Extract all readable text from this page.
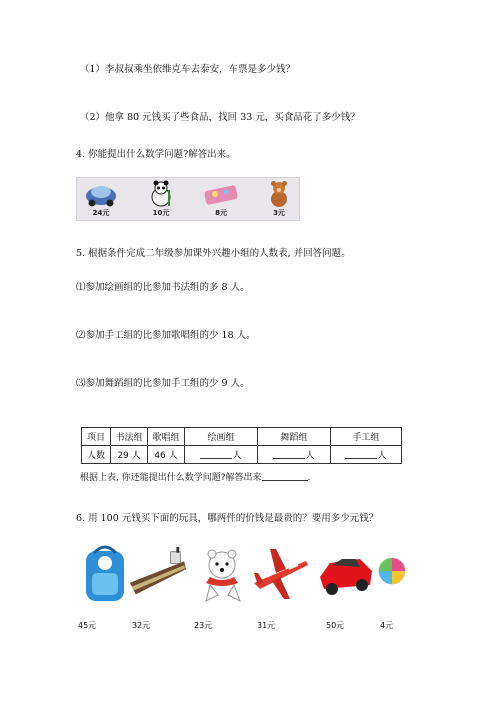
（1）李叔叔乘坐依维克车去泰安，车票是多少钱？
（2）他拿 80 元钱买了些食品，找回 33 元，买食品花了多少钱？
4. 你能提出什么数学问题?解答出来。
24元	10元	8元	3元
5. 根据条件完成二年级参加课外兴趣小组的人数表, 并回答问题。
⑴参加绘画组的比参加书法组的多 8 人。
⑵参加手工组的比参加歌唱组的少 18 人。
⑶参加舞蹈组的比参加手工组的少 9 人。
项目	书法组	歌唱组	绘画组	舞蹈组	手工组
人数	29 人	46 人	人	人	人
根据上表, 你还能提出什么数学问题?解答出来	.
6. 用 100 元钱买下面的玩具，哪两件的价钱是最贵的？要用多少元钱？
45元	32元	23元	31元	50元	4元
